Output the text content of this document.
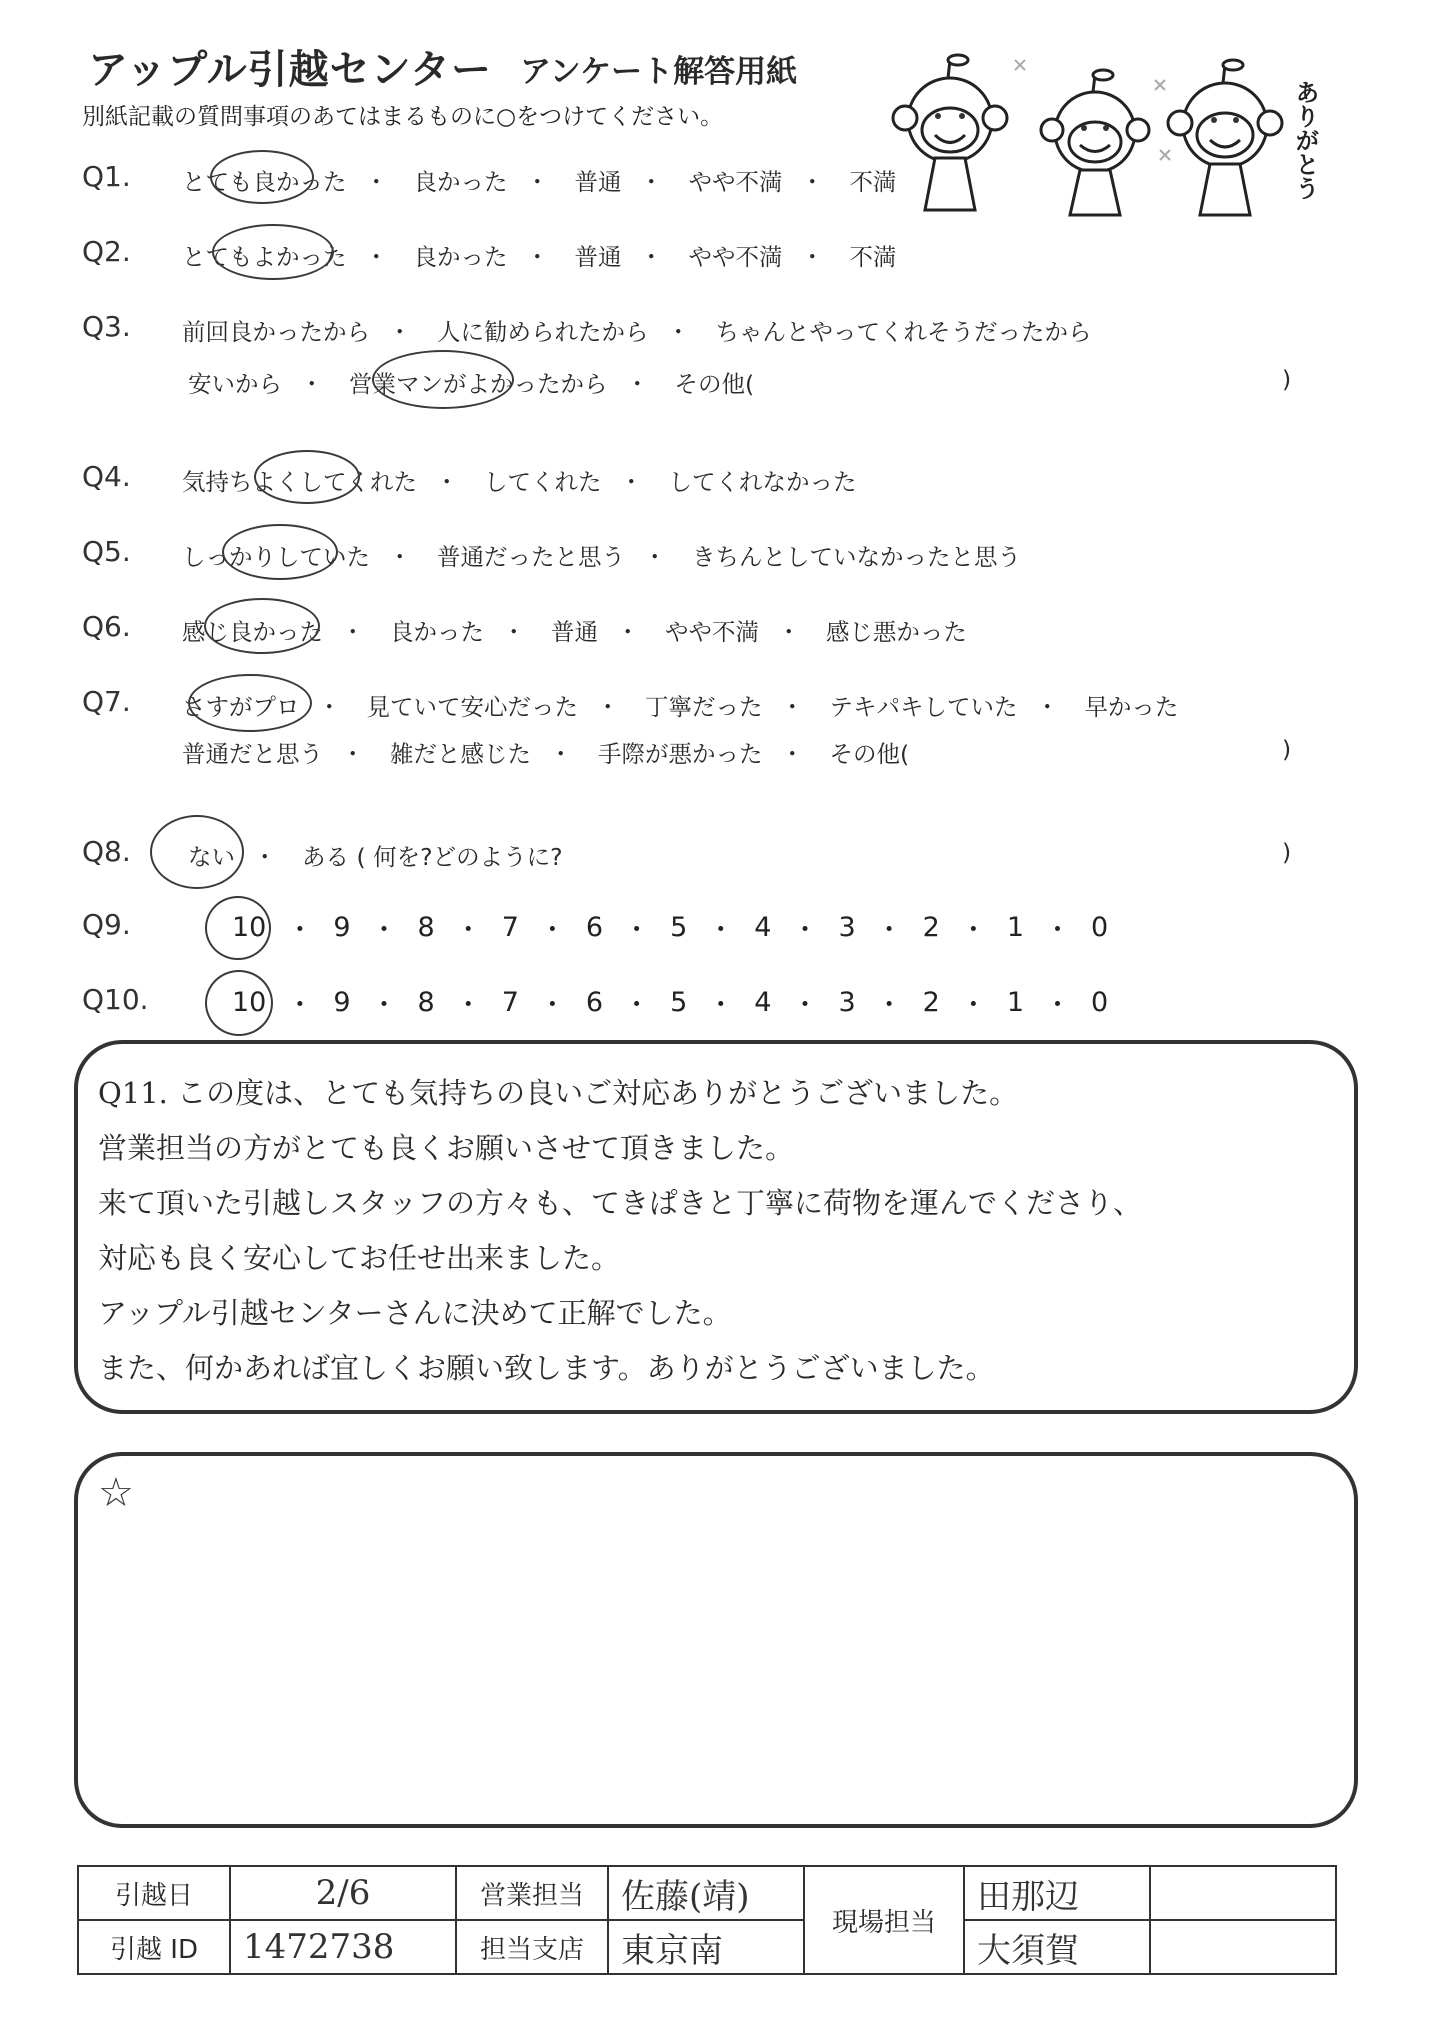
アップル引越センター アンケート解答用紙
別紙記載の質問事項のあてはまるものに○をつけてください。	ありがとう
Q1. とても良かった ・ 良かった ・ 普通 ・ やや不満 ・ 不満
Q2. とてもよかった ・ 良かった ・ 普通 ・ やや不満 ・ 不満
Q3. 前回良かったから ・ 人に勧められたから ・ ちゃんとやってくれそうだったから
安いから ・ 営業マンがよかったから ・ その他(	)
Q4. 気持ちよくしてくれた ・ してくれた ・ してくれなかった
Q5. しっかりしていた ・ 普通だったと思う ・ きちんとしていなかったと思う
Q6. 感じ良かった ・ 良かった ・ 普通 ・ やや不満 ・ 感じ悪かった
Q7. さすがプロ ・ 見ていて安心だった ・ 丁寧だった ・ テキパキしていた ・ 早かった
普通だと思う ・ 雑だと感じた ・ 手際が悪かった ・ その他(	)
Q8. ない ・ ある ( 何を?どのように?	)
Q9.	10 ・ 9 ・ 8 ・ 7 ・ 6 ・ 5 ・ 4 ・ 3 ・ 2 ・ 1 ・ 0
Q10.	10 ・ 9 ・ 8 ・ 7 ・ 6 ・ 5 ・ 4 ・ 3 ・ 2 ・ 1 ・ 0
Q11. この度は、とても気持ちの良いご対応ありがとうございました。
営業担当の方がとても良くお願いさせて頂きました。
来て頂いた引越しスタッフの方々も、てきぱきと丁寧に荷物を運んでくださり、
対応も良く安心してお任せ出来ました。
アップル引越センターさんに決めて正解でした。
また、何かあれば宜しくお願い致します。ありがとうございました。
☆
引越日	2/6	営業担当	佐藤(靖)	現場担当	田那辺	
引越 ID	1472738	担当支店	東京南		大須賀	
